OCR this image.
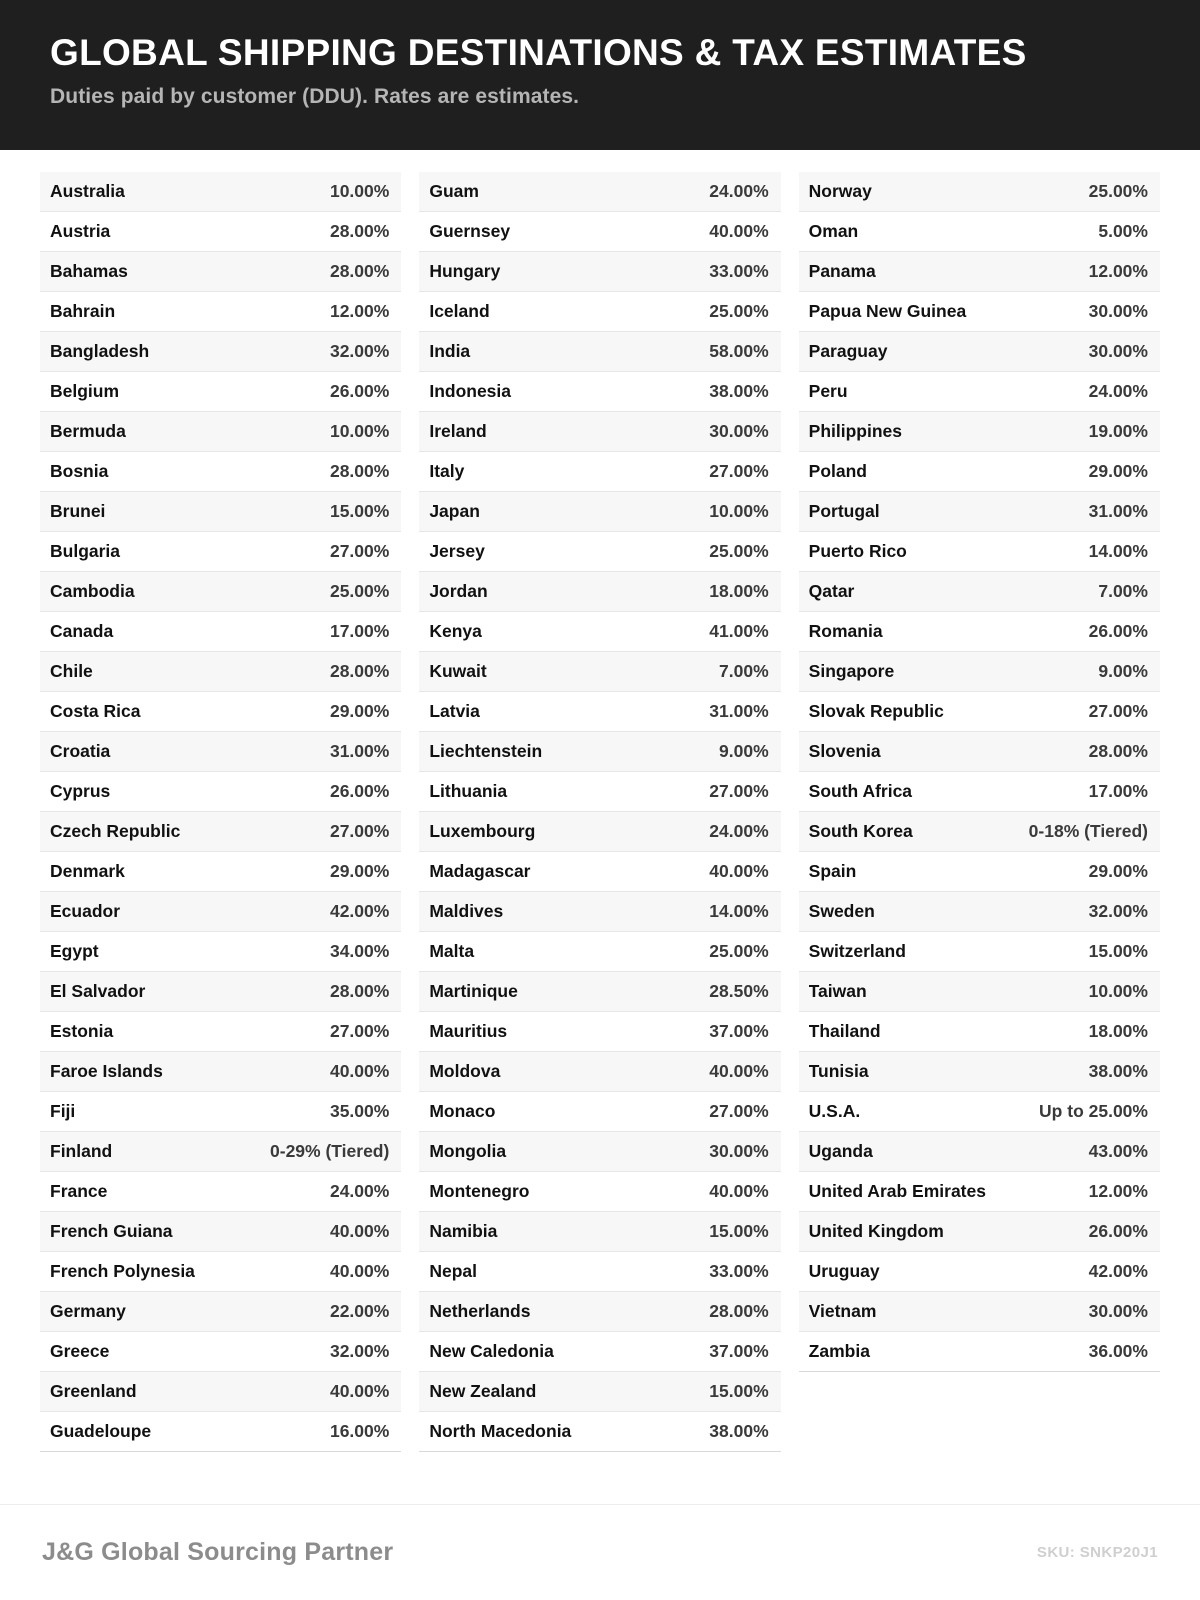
GLOBAL SHIPPING DESTINATIONS & TAX ESTIMATES
Duties paid by customer (DDU). Rates are estimates.
Australia	10.00%
Austria	28.00%
Bahamas	28.00%
Bahrain	12.00%
Bangladesh	32.00%
Belgium	26.00%
Bermuda	10.00%
Bosnia	28.00%
Brunei	15.00%
Bulgaria	27.00%
Cambodia	25.00%
Canada	17.00%
Chile	28.00%
Costa Rica	29.00%
Croatia	31.00%
Cyprus	26.00%
Czech Republic	27.00%
Denmark	29.00%
Ecuador	42.00%
Egypt	34.00%
El Salvador	28.00%
Estonia	27.00%
Faroe Islands	40.00%
Fiji	35.00%
Finland	0-29% (Tiered)
France	24.00%
French Guiana	40.00%
French Polynesia	40.00%
Germany	22.00%
Greece	32.00%
Greenland	40.00%
Guadeloupe	16.00%
Guam	24.00%
Guernsey	40.00%
Hungary	33.00%
Iceland	25.00%
India	58.00%
Indonesia	38.00%
Ireland	30.00%
Italy	27.00%
Japan	10.00%
Jersey	25.00%
Jordan	18.00%
Kenya	41.00%
Kuwait	7.00%
Latvia	31.00%
Liechtenstein	9.00%
Lithuania	27.00%
Luxembourg	24.00%
Madagascar	40.00%
Maldives	14.00%
Malta	25.00%
Martinique	28.50%
Mauritius	37.00%
Moldova	40.00%
Monaco	27.00%
Mongolia	30.00%
Montenegro	40.00%
Namibia	15.00%
Nepal	33.00%
Netherlands	28.00%
New Caledonia	37.00%
New Zealand	15.00%
North Macedonia	38.00%
Norway	25.00%
Oman	5.00%
Panama	12.00%
Papua New Guinea	30.00%
Paraguay	30.00%
Peru	24.00%
Philippines	19.00%
Poland	29.00%
Portugal	31.00%
Puerto Rico	14.00%
Qatar	7.00%
Romania	26.00%
Singapore	9.00%
Slovak Republic	27.00%
Slovenia	28.00%
South Africa	17.00%
South Korea	0-18% (Tiered)
Spain	29.00%
Sweden	32.00%
Switzerland	15.00%
Taiwan	10.00%
Thailand	18.00%
Tunisia	38.00%
U.S.A.	Up to 25.00%
Uganda	43.00%
United Arab Emirates	12.00%
United Kingdom	26.00%
Uruguay	42.00%
Vietnam	30.00%
Zambia	36.00%
J&G Global Sourcing Partner	SKU: SNKP20J1
